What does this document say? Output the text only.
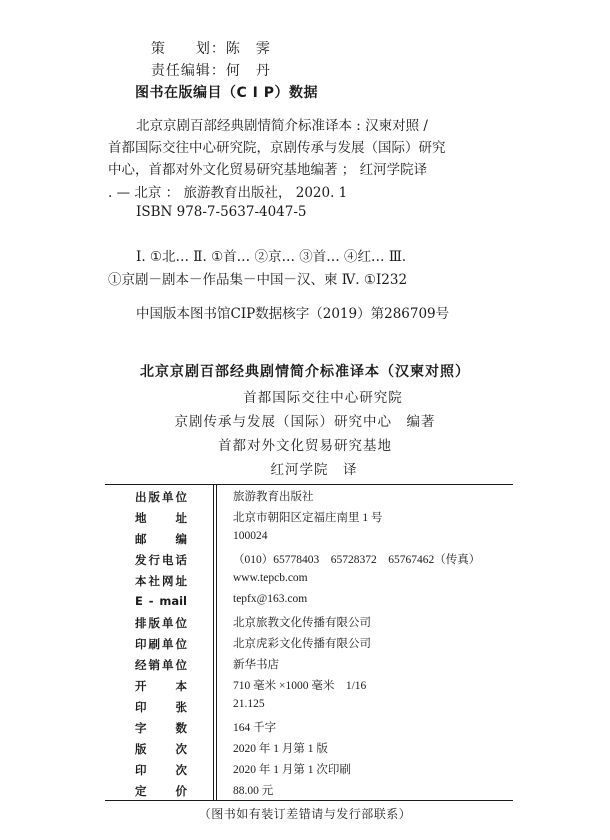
策　　划：陈　霁

责任编辑：何　丹

图书在版编目（C I P）数据
北京京剧百部经典剧情简介标准译本 : 汉柬对照 /
首都国际交往中心研究院，京剧传承与发展（国际）研究
中心，首都对外文化贸易研究基地编著 ； 红河学院译
. — 北京 ： 旅游教育出版社， 2020. 1
ISBN 978-7-5637-4047-5
Ⅰ. ①北… Ⅱ. ①首… ②京… ③首… ④红… Ⅲ.
①京剧－剧本－作品集－中国－汉、柬 Ⅳ. ①I232
中国版本图书馆CIP数据核字（2019）第286709号
北京京剧百部经典剧情简介标准译本（汉柬对照）
首都国际交往中心研究院
京剧传承与发展（国际）研究中心　编著
首都对外文化贸易研究基地
红河学院　译
出版单位	旅游教育出版社
地址	北京市朝阳区定福庄南里 1 号
邮编	100024
发行电话	（010）65778403　65728372　65767462（传真）
本社网址	www.tepcb.com
E - mail	tepfx@163.com
排版单位	北京旅教文化传播有限公司
印刷单位	北京虎彩文化传播有限公司
经销单位	新华书店
开本	710 毫米 ×1000 毫米　1/16
印张	21.125
字数	164 千字
版次	2020 年 1 月第 1 版
印次	2020 年 1 月第 1 次印刷
定价	88.00 元
（图书如有装订差错请与发行部联系）
